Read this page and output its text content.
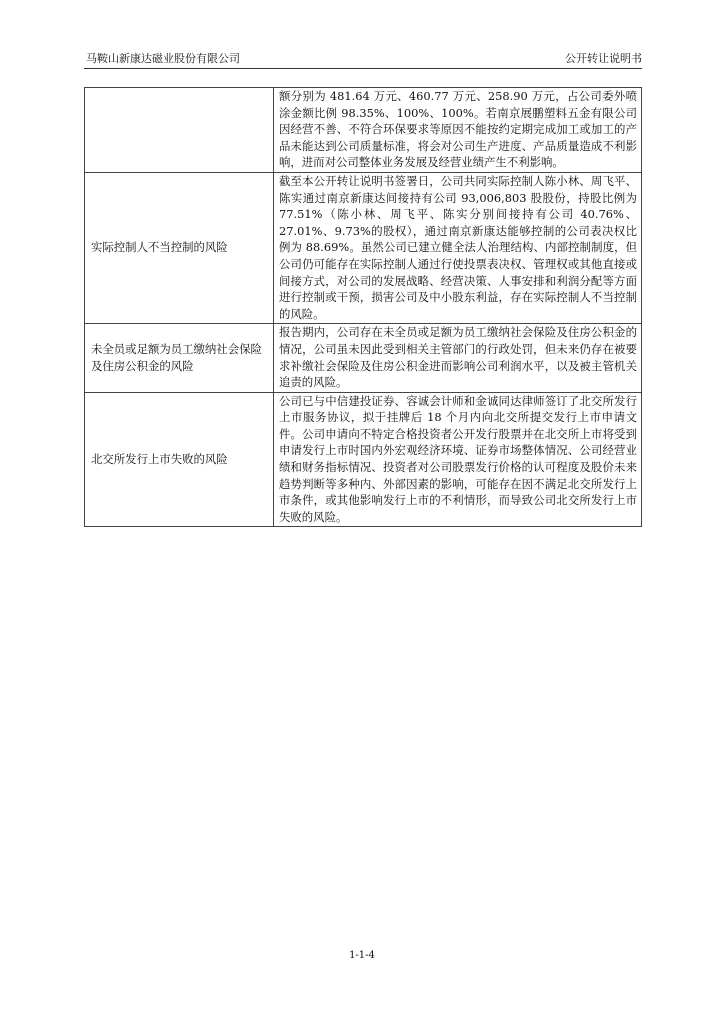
马鞍山新康达磁业股份有限公司	公开转让说明书
	额分别为 481.64 万元、460.77 万元、258.90 万元，占公司委外喷涂金额比例 98.35%、100%、100%。若南京展鹏塑料五金有限公司因经营不善、不符合环保要求等原因不能按约定期完成加工或加工的产品未能达到公司质量标准，将会对公司生产进度、产品质量造成不利影响，进而对公司整体业务发展及经营业绩产生不利影响。
实际控制人不当控制的风险	截至本公开转让说明书签署日，公司共同实际控制人陈小林、周飞平、陈实通过南京新康达间接持有公司 93,006,803 股股份，持股比例为 77.51%（陈小林、周飞平、陈实分别间接持有公司 40.76%、27.01%、9.73%的股权），通过南京新康达能够控制的公司表决权比例为 88.69%。虽然公司已建立健全法人治理结构、内部控制制度，但公司仍可能存在实际控制人通过行使投票表决权、管理权或其他直接或间接方式，对公司的发展战略、经营决策、人事安排和利润分配等方面进行控制或干预，损害公司及中小股东利益，存在实际控制人不当控制的风险。
未全员或足额为员工缴纳社会保险及住房公积金的风险	报告期内，公司存在未全员或足额为员工缴纳社会保险及住房公积金的情况，公司虽未因此受到相关主管部门的行政处罚，但未来仍存在被要求补缴社会保险及住房公积金进而影响公司利润水平，以及被主管机关追责的风险。
北交所发行上市失败的风险	公司已与中信建投证券、容诚会计师和金诚同达律师签订了北交所发行上市服务协议，拟于挂牌后 18 个月内向北交所提交发行上市申请文件。公司申请向不特定合格投资者公开发行股票并在北交所上市将受到申请发行上市时国内外宏观经济环境、证券市场整体情况、公司经营业绩和财务指标情况、投资者对公司股票发行价格的认可程度及股价未来趋势判断等多种内、外部因素的影响，可能存在因不满足北交所发行上市条件，或其他影响发行上市的不利情形，而导致公司北交所发行上市失败的风险。
1-1-4
